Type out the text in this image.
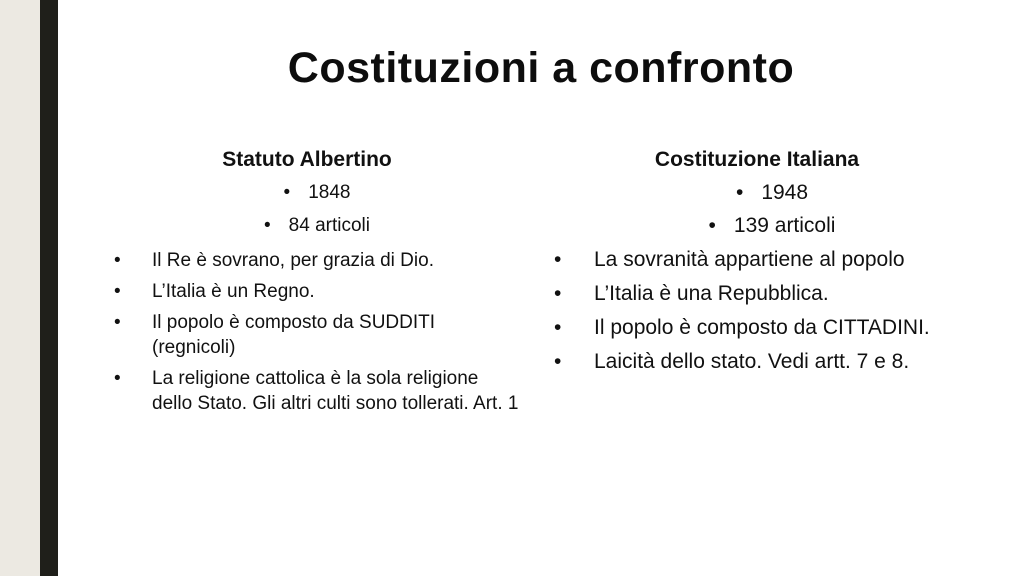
Costituzioni a confronto
Statuto Albertino
• 1848
• 84 articoli
• Il Re è sovrano, per grazia di Dio.
• L’Italia è un Regno.
• Il popolo è composto da SUDDITI (regnicoli)
• La religione cattolica è la sola religione dello Stato. Gli altri culti sono tollerati. Art. 1
Costituzione Italiana
• 1948
• 139 articoli
• La sovranità appartiene al popolo
• L’Italia è una Repubblica.
• Il popolo è composto da CITTADINI.
• Laicità dello stato. Vedi artt. 7 e 8.
